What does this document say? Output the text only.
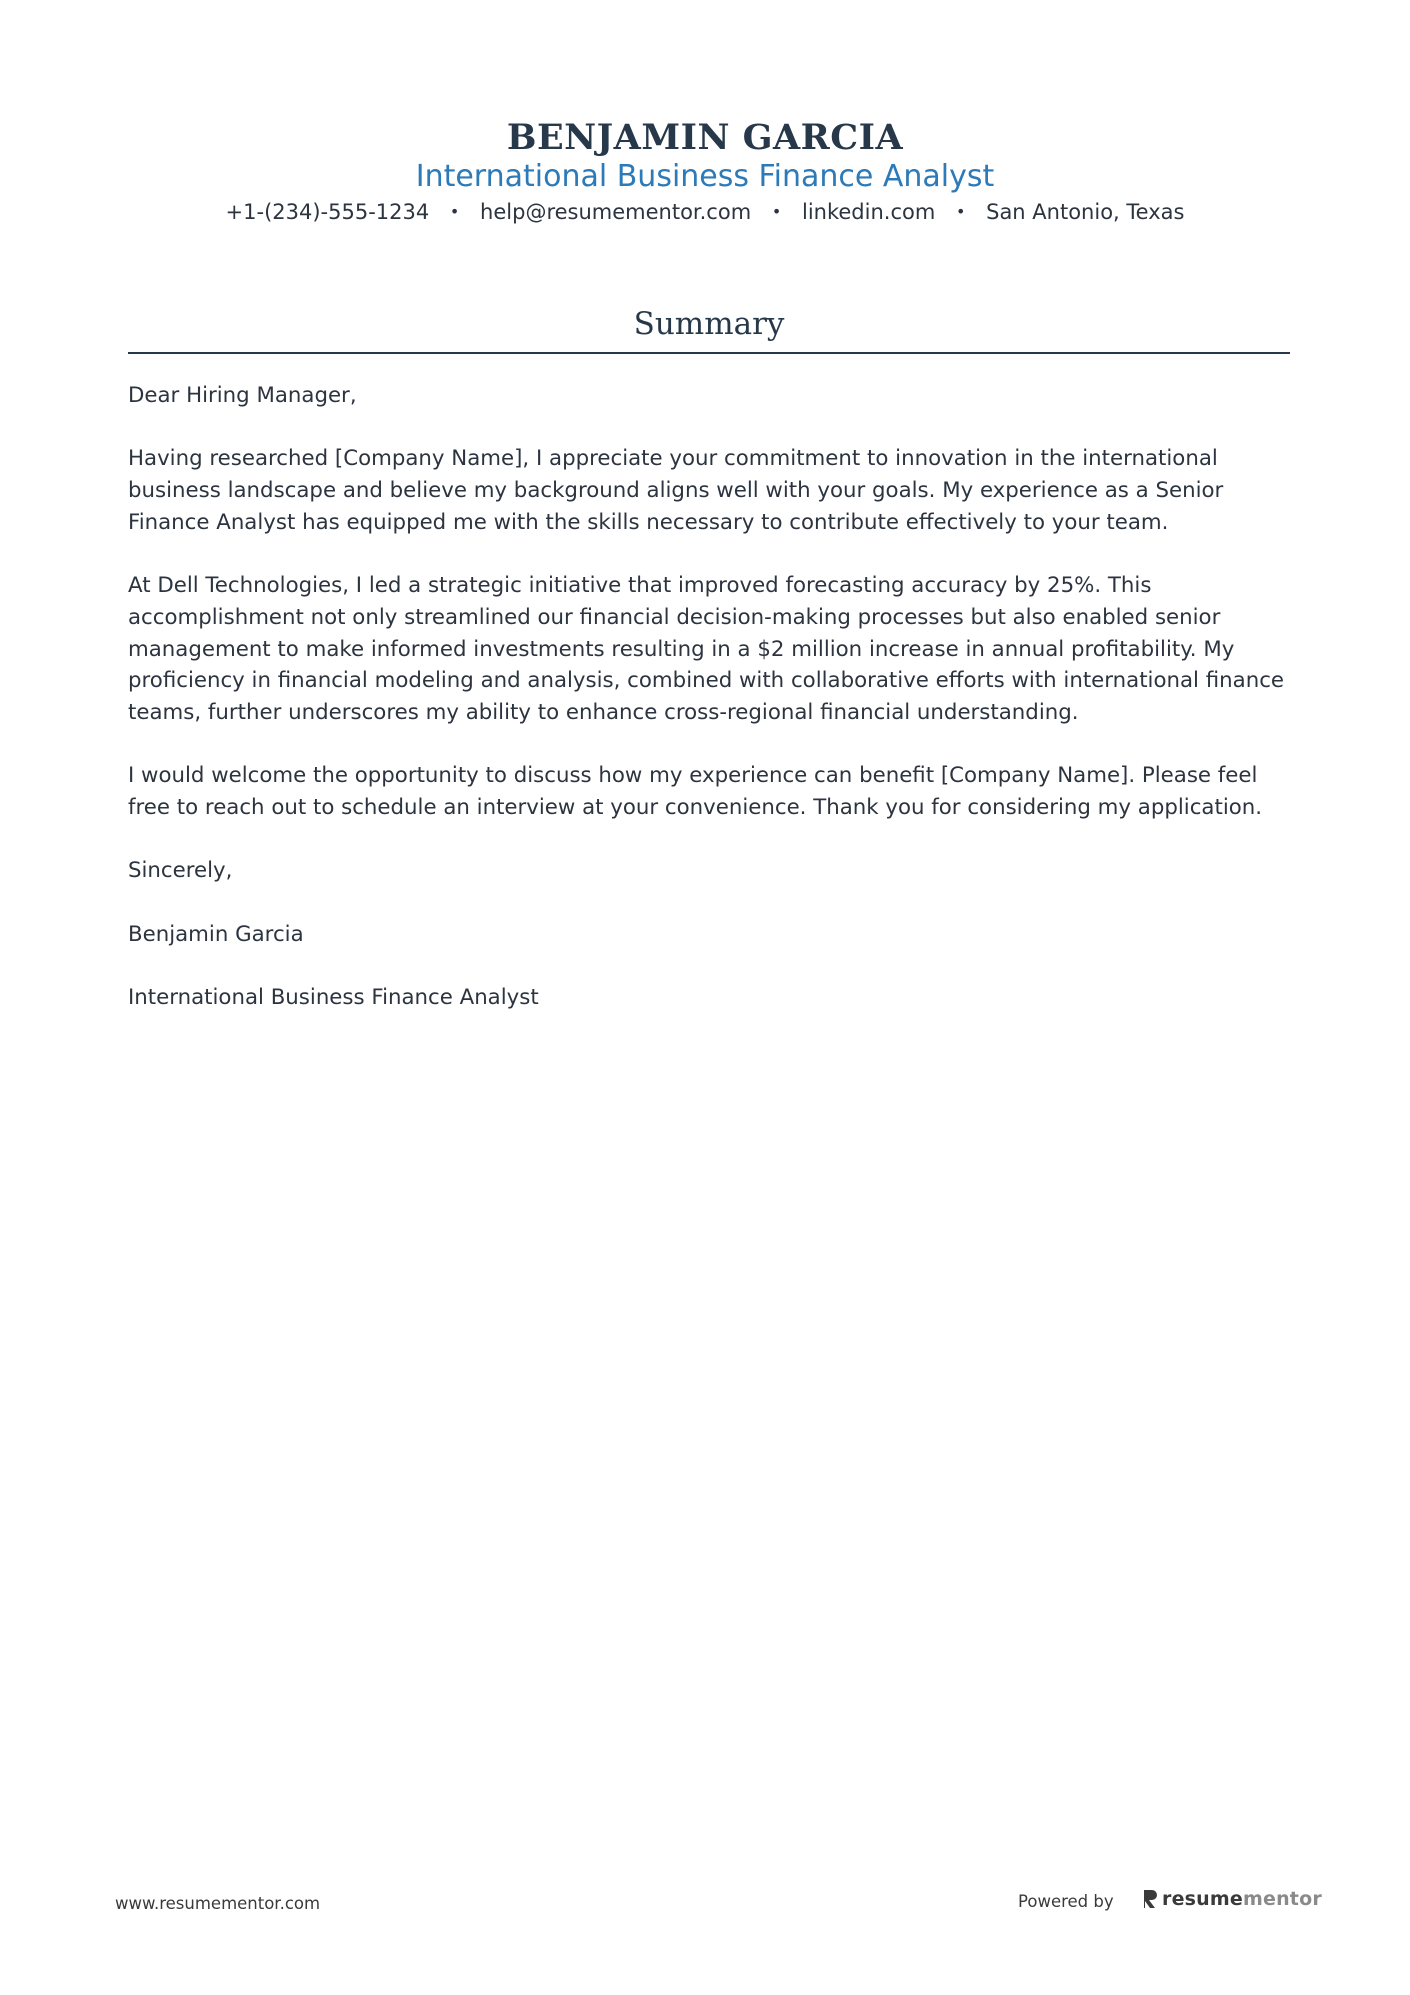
BENJAMIN GARCIA
International Business Finance Analyst
+1-(234)-555-1234 • help@resumementor.com • linkedin.com • San Antonio, Texas
Summary

Dear Hiring Manager,

Having researched [Company Name], I appreciate your commitment to innovation in the international business landscape and believe my background aligns well with your goals. My experience as a Senior Finance Analyst has equipped me with the skills necessary to contribute effectively to your team.

At Dell Technologies, I led a strategic initiative that improved forecasting accuracy by 25%. This accomplishment not only streamlined our financial decision-making processes but also enabled senior management to make informed investments resulting in a $2 million increase in annual profitability. My proficiency in financial modeling and analysis, combined with collaborative efforts with international finance teams, further underscores my ability to enhance cross-regional financial understanding.

I would welcome the opportunity to discuss how my experience can benefit [Company Name]. Please feel free to reach out to schedule an interview at your convenience. Thank you for considering my application.

Sincerely,

Benjamin Garcia

International Business Finance Analyst

www.resumementor.com	Powered by	resumementor
